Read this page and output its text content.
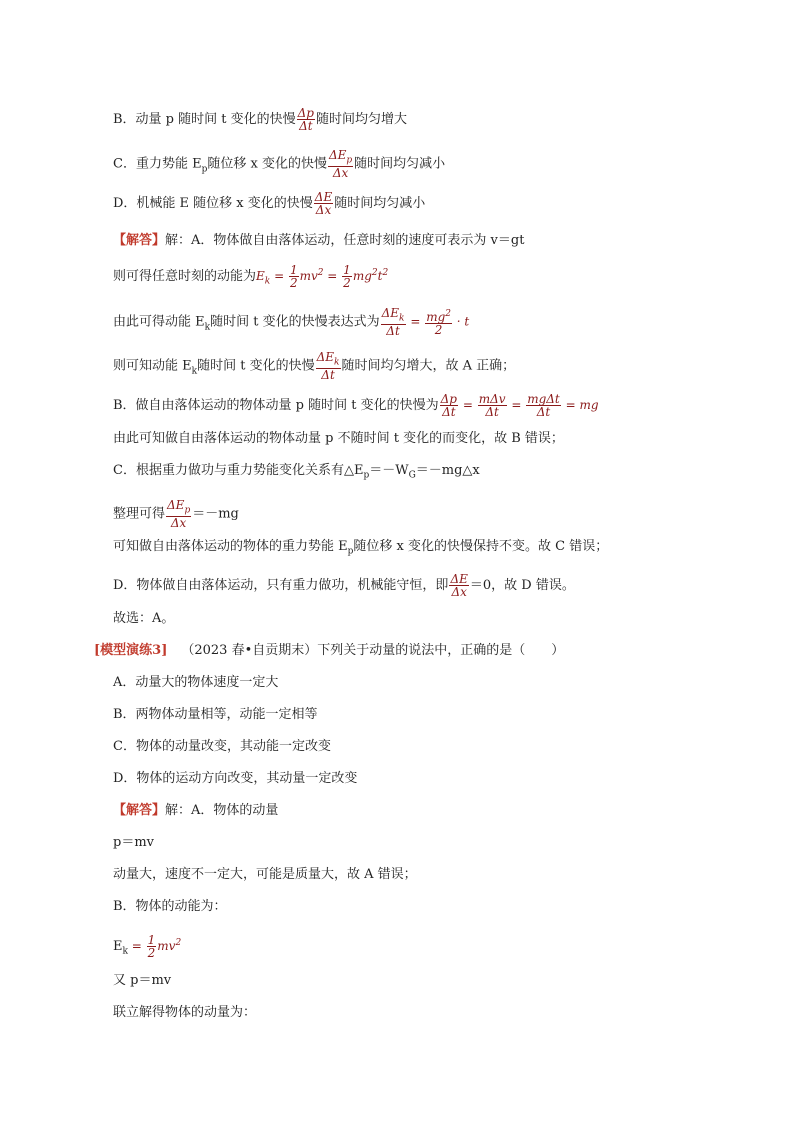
B．动量 p 随时间 t 变化的快慢 $\frac{\Delta p}{\Delta t}$ 随时间均匀增大
C．重力势能 $E_p$随位移 x 变化的快慢 $\frac{\Delta E_p}{\Delta x}$ 随时间均匀减小
D．机械能 E 随位移 x 变化的快慢 $\frac{\Delta E}{\Delta x}$ 随时间均匀减小
【解答】解：A．物体做自由落体运动，任意时刻的速度可表示为 v＝gt
则可得任意时刻的动能为$E_k = \frac{1}{2} mv^2 = \frac{1}{2} mg^2t^2$
由此可得动能 $E_k$随时间 t 变化的快慢表达式为 $\frac{\Delta E_k}{\Delta t} = \frac{mg^2}{2} \cdot t$
则可知动能 $E_k$随时间 t 变化的快慢 $\frac{\Delta E_k}{\Delta t}$ 随时间均匀增大，故 A 正确；
B．做自由落体运动的物体动量 p 随时间 t 变化的快慢为 $\frac{\Delta p}{\Delta t} = \frac{\text{mΔv}}{\Delta t} = \frac{\text{mgΔt}}{\Delta t}$ = mg
由此可知做自由落体运动的物体动量 p 不随时间 t 变化的而变化，故 B 错误；
C．根据重力做功与重力势能变化关系有$\triangle E_p=-W_G=-mg\triangle x$
整理可得 $\frac{\Delta E_p}{\Delta x} =-mg$
可知做自由落体运动的物体的重力势能 $E_p$随位移 x 变化的快慢保持不变。故 C 错误；
D．物体做自由落体运动，只有重力做功，机械能守恒，即 $\frac{\Delta E}{\Delta x} =0$，故 D 错误。
故选：A。
[模型演练3] （2023 春•自贡期末）下列关于动量的说法中，正确的是（　　）
A．动量大的物体速度一定大
B．两物体动量相等，动能一定相等
C．物体的动量改变，其动能一定改变
D．物体的运动方向改变，其动量一定改变
【解答】解：A．物体的动量
p＝mv
动量大，速度不一定大，可能是质量大，故 A 错误；
B．物体的动能为：
$E_k = \frac{1}{2} mv^2$
又 p＝mv
联立解得物体的动量为：
